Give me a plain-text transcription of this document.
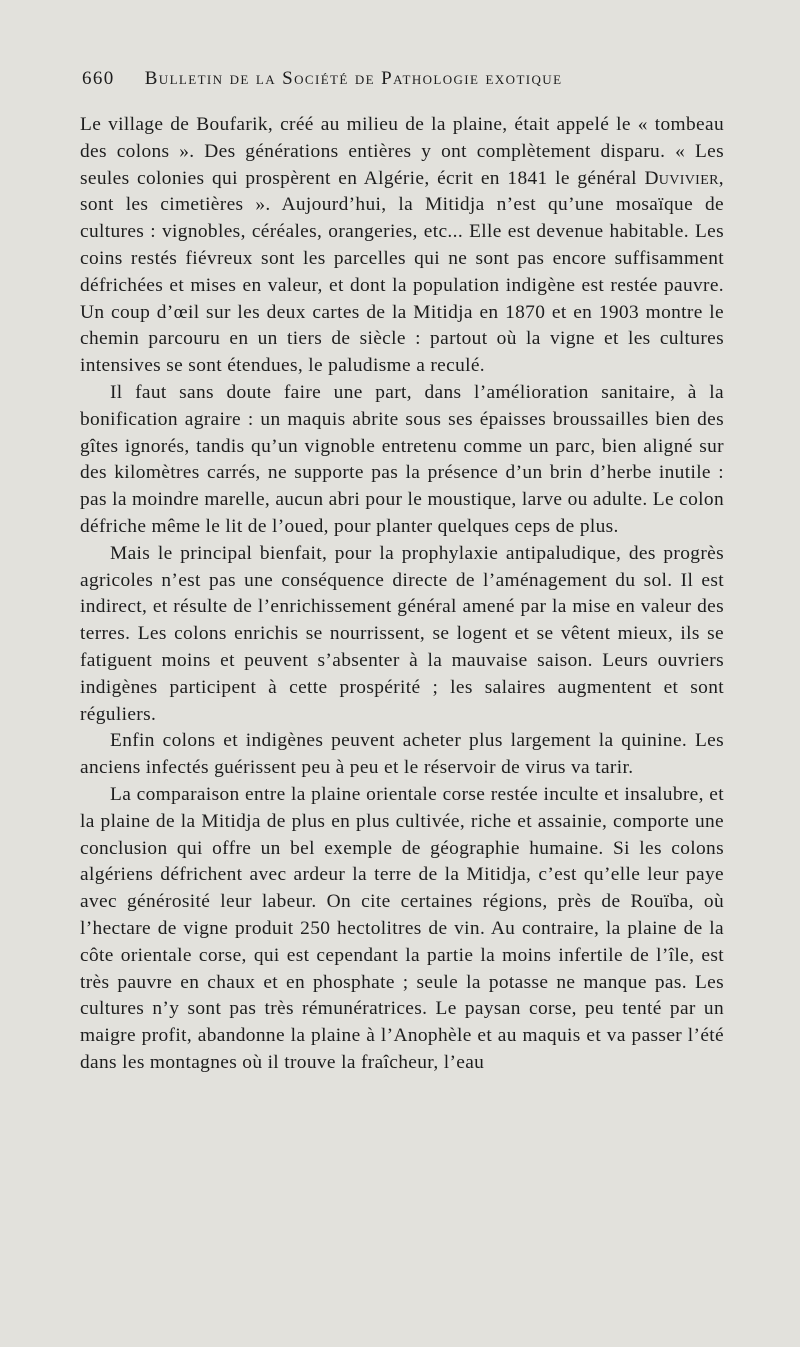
660 Bulletin de la Société de Pathologie exotique

Le village de Boufarik, créé au milieu de la plaine, était appelé le « tombeau des colons ». Des générations entières y ont complètement disparu. « Les seules colonies qui prospèrent en Algérie, écrit en 1841 le général Duvivier, sont les cimetières ». Aujourd’hui, la Mitidja n’est qu’une mosaïque de cultures : vignobles, céréales, orangeries, etc... Elle est devenue habitable. Les coins restés fiévreux sont les parcelles qui ne sont pas encore suffisamment défrichées et mises en valeur, et dont la population indigène est restée pauvre. Un coup d’œil sur les deux cartes de la Mitidja en 1870 et en 1903 montre le chemin parcouru en un tiers de siècle : partout où la vigne et les cultures intensives se sont étendues, le paludisme a reculé.

Il faut sans doute faire une part, dans l’amélioration sanitaire, à la bonification agraire : un maquis abrite sous ses épaisses broussailles bien des gîtes ignorés, tandis qu’un vignoble entretenu comme un parc, bien aligné sur des kilomètres carrés, ne supporte pas la présence d’un brin d’herbe inutile : pas la moindre marelle, aucun abri pour le moustique, larve ou adulte. Le colon défriche même le lit de l’oued, pour planter quelques ceps de plus.

Mais le principal bienfait, pour la prophylaxie antipaludique, des progrès agricoles n’est pas une conséquence directe de l’aménagement du sol. Il est indirect, et résulte de l’enrichissement général amené par la mise en valeur des terres. Les colons enrichis se nourrissent, se logent et se vêtent mieux, ils se fatiguent moins et peuvent s’absenter à la mauvaise saison. Leurs ouvriers indigènes participent à cette prospérité ; les salaires augmentent et sont réguliers.

Enfin colons et indigènes peuvent acheter plus largement la quinine. Les anciens infectés guérissent peu à peu et le réservoir de virus va tarir.

La comparaison entre la plaine orientale corse restée inculte et insalubre, et la plaine de la Mitidja de plus en plus cultivée, riche et assainie, comporte une conclusion qui offre un bel exemple de géographie humaine. Si les colons algériens défrichent avec ardeur la terre de la Mitidja, c’est qu’elle leur paye avec générosité leur labeur. On cite certaines régions, près de Rouïba, où l’hectare de vigne produit 250 hectolitres de vin. Au contraire, la plaine de la côte orientale corse, qui est cependant la partie la moins infertile de l’île, est très pauvre en chaux et en phosphate ; seule la potasse ne manque pas. Les cultures n’y sont pas très rémunératrices. Le paysan corse, peu tenté par un maigre profit, abandonne la plaine à l’Anophèle et au maquis et va passer l’été dans les montagnes où il trouve la fraîcheur, l’eau
